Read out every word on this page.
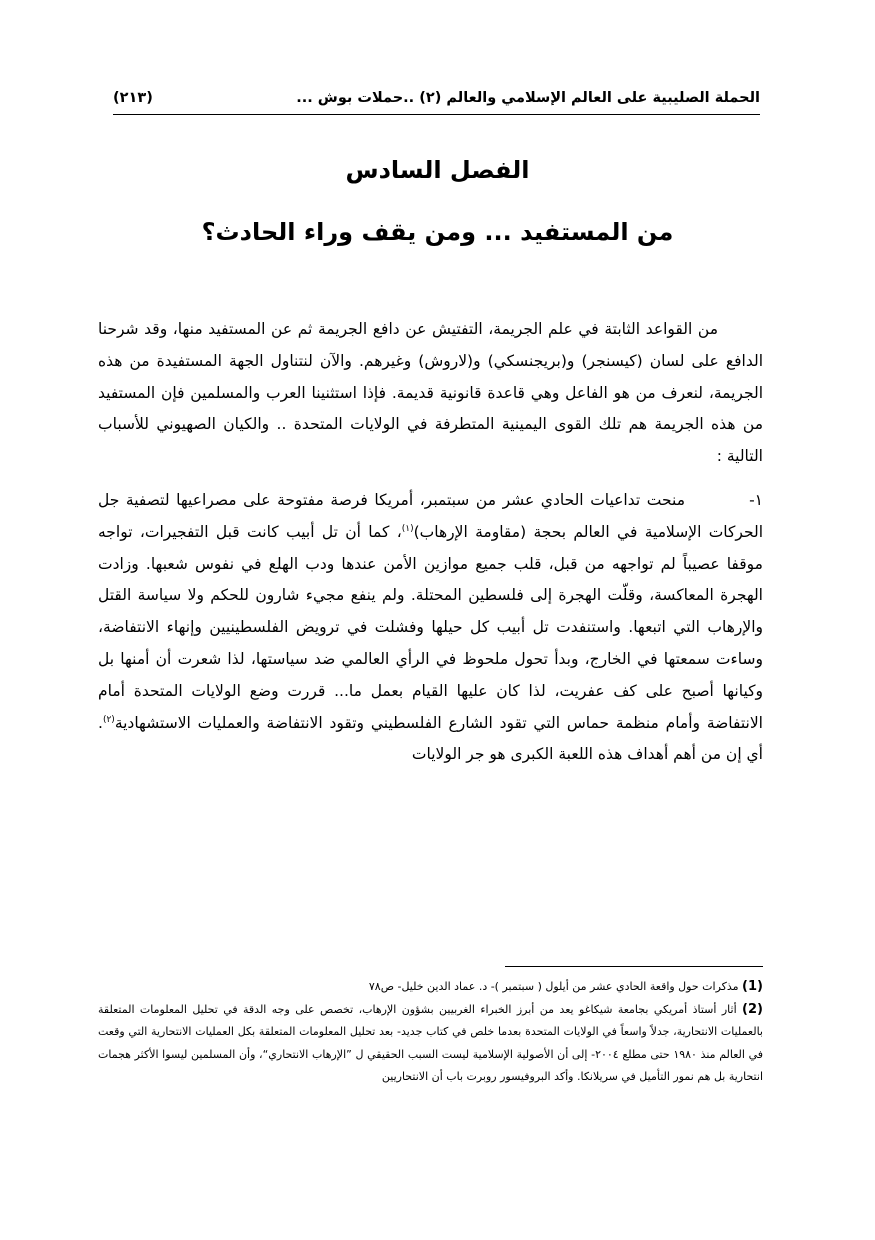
الحملة الصليبية على العالم الإسلامي والعالم (٢) ..حملات بوش ...
(٢١٣)
الفصل السادس
من المستفيد ... ومن يقف وراء الحادث؟

من القواعد الثابتة في علم الجريمة، التفتيش عن دافع الجريمة ثم عن المستفيد منها، وقد شرحنا الدافع على لسان (كيسنجر) و(بريجنسكي) و(لاروش) وغيرهم. والآن لنتناول الجهة المستفيدة من هذه الجريمة، لنعرف من هو الفاعل وهي قاعدة قانونية قديمة. فإذا استثنينا العرب والمسلمين فإن المستفيد من هذه الجريمة هم تلك القوى اليمينية المتطرفة في الولايات المتحدة .. والكيان الصهيوني للأسباب التالية :

١-منحت تداعيات الحادي عشر من سبتمبر، أمريكا فرصة مفتوحة على مصراعيها لتصفية جل الحركات الإسلامية في العالم بحجة (مقاومة الإرهاب)$^{(١)}$، كما أن تل أبيب كانت قبل التفجيرات، تواجه موقفا عصيباً لم تواجهه من قبل، قلب جميع موازين الأمن عندها ودب الهلع في نفوس شعبها. وزادت الهجرة المعاكسة، وقلّت الهجرة إلى فلسطين المحتلة. ولم ينفع مجيء شارون للحكم ولا سياسة القتل والإرهاب التي اتبعها. واستنفدت تل أبيب كل حيلها وفشلت في ترويض الفلسطينيين وإنهاء الانتفاضة، وساءت سمعتها في الخارج، وبدأ تحول ملحوظ في الرأي العالمي ضد سياستها، لذا شعرت أن أمنها بل وكيانها أصبح على كف عفريت، لذا كان عليها القيام بعمل ما... قررت وضع الولايات المتحدة أمام الانتفاضة وأمام منظمة حماس التي تقود الشارع الفلسطيني وتقود الانتفاضة والعمليات الاستشهادية$^{(٢)}$. أي إن من أهم أهداف هذه اللعبة الكبرى هو جر الولايات

(1) مذكرات حول واقعة الحادي عشر من أيلول ( سبتمبر )- د. عماد الدين خليل- ص٧٨

(2) أثار أستاذ أمريكي بجامعة شيكاغو يعد من أبرز الخبراء الغربيين بشؤون الإرهاب، تخصص على وجه الدقة في تحليل المعلومات المتعلقة بالعمليات الانتحارية، جدلاً واسعاً في الولايات المتحدة بعدما خلص في كتاب جديد- بعد تحليل المعلومات المتعلقة بكل العمليات الانتحارية التي وقعت في العالم منذ ١٩٨٠ حتى مطلع ٢٠٠٤- إلى أن الأصولية الإسلامية ليست السبب الحقيقي ل ”الإرهاب الانتحاري“، وأن المسلمين ليسوا الأكثر هجمات انتحارية بل هم نمور التأميل في سريلانكا. وأكد البروفيسور روبرت باب أن الانتحاريين
